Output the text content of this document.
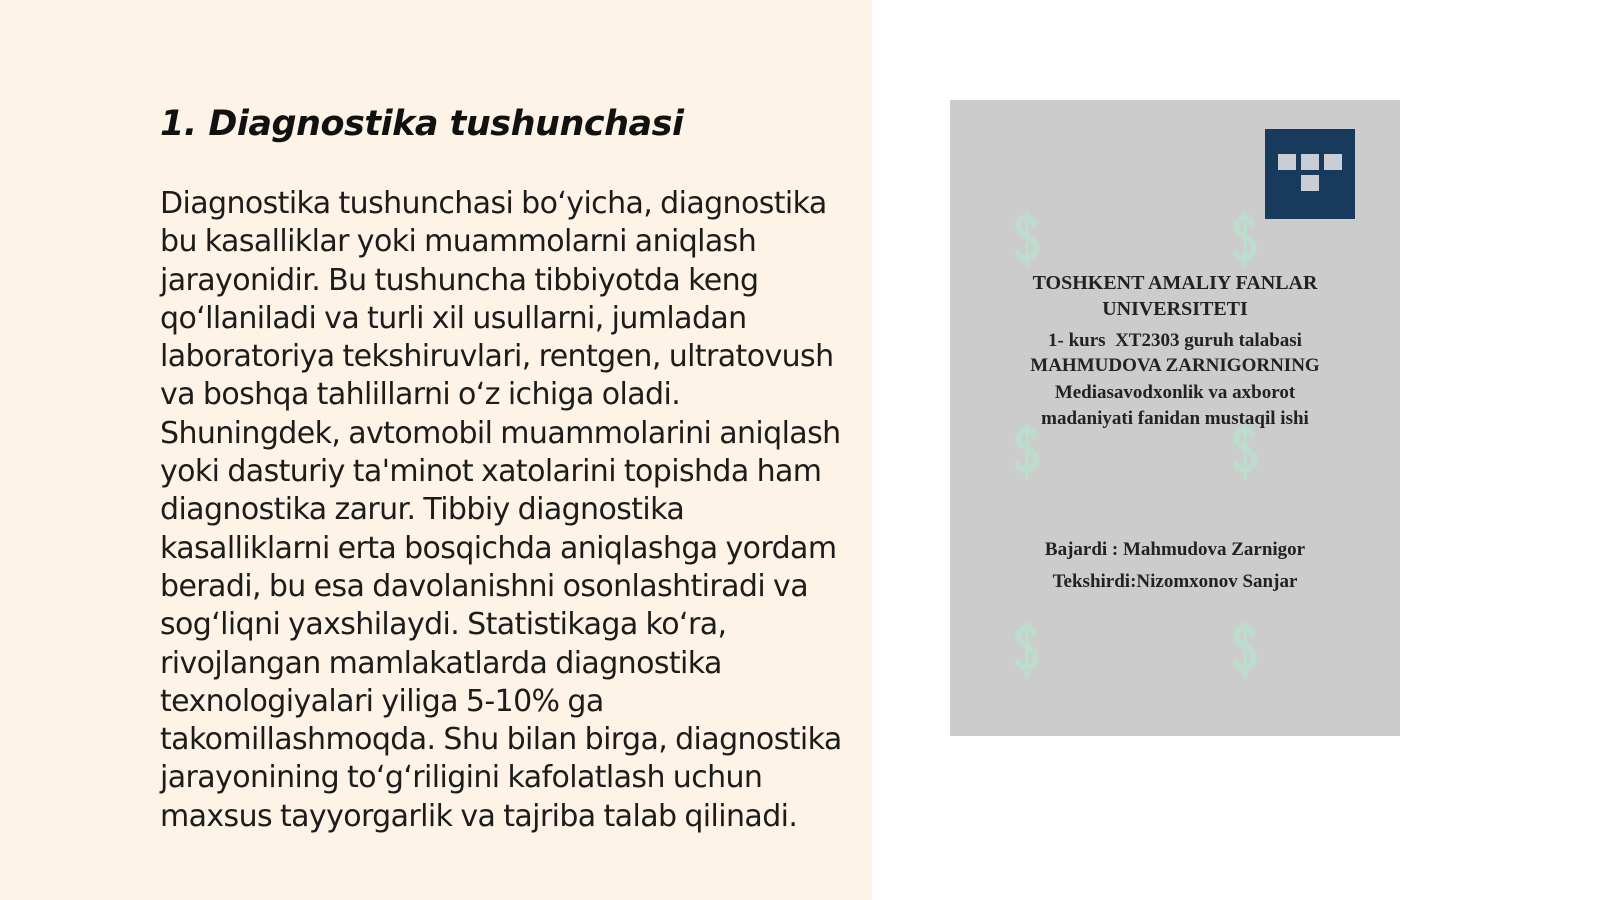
1. Diagnostika tushunchasi

Diagnostika tushunchasi bo‘yicha, diagnostika bu kasalliklar yoki muammolarni aniqlash jarayonidir. Bu tushuncha tibbiyotda keng qo‘llaniladi va turli xil usullarni, jumladan laboratoriya tekshiruvlari, rentgen, ultratovush va boshqa tahlillarni o‘z ichiga oladi. Shuningdek, avtomobil muammolarini aniqlash yoki dasturiy ta'minot xatolarini topishda ham diagnostika zarur. Tibbiy diagnostika kasalliklarni erta bosqichda aniqlashga yordam beradi, bu esa davolanishni osonlashtiradi va sog‘liqni yaxshilaydi. Statistikaga ko‘ra, rivojlangan mamlakatlarda diagnostika texnologiyalari yiliga 5-10% ga takomillashmoqda. Shu bilan birga, diagnostika jarayonining to‘g‘riligini kafolatlash uchun maxsus tayyorgarlik va tajriba talab qilinadi.

TOSHKENT AMALIY FANLAR
UNIVERSITETI
1- kurs  XT2303 guruh talabasi
MAHMUDOVA ZARNIGORNING
Mediasavodxonlik va axborot
madaniyati fanidan mustaqil ishi
Bajardi : Mahmudova Zarnigor
Tekshirdi:Nizomxonov Sanjar
